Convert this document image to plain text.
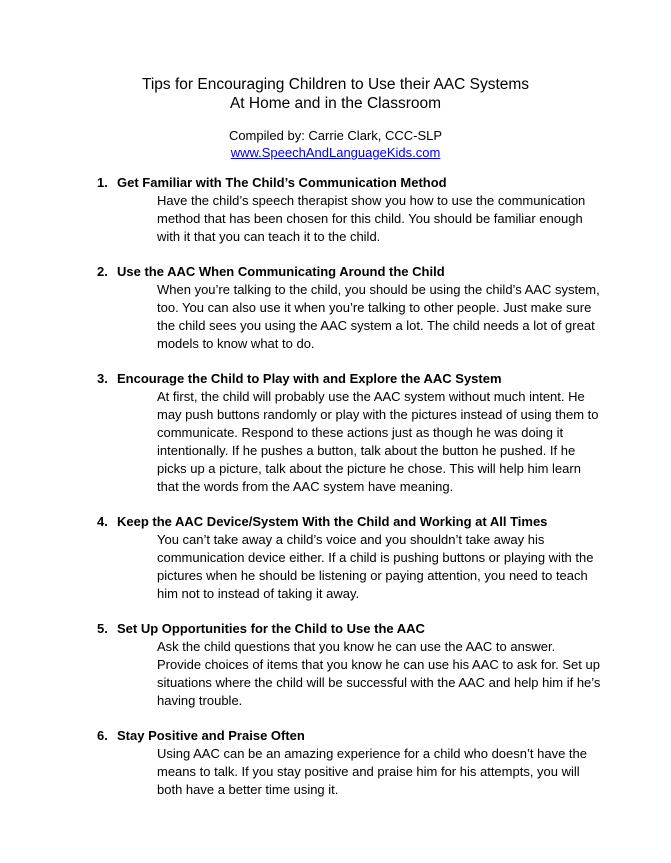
Tips for Encouraging Children to Use their AAC Systems
At Home and in the Classroom
Compiled by: Carrie Clark, CCC-SLP
www.SpeechAndLanguageKids.com
1. Get Familiar with The Child’s Communication Method
Have the child’s speech therapist show you how to use the communication method that has been chosen for this child. You should be familiar enough with it that you can teach it to the child.
2. Use the AAC When Communicating Around the Child
When you’re talking to the child, you should be using the child’s AAC system, too. You can also use it when you’re talking to other people. Just make sure the child sees you using the AAC system a lot. The child needs a lot of great models to know what to do.
3. Encourage the Child to Play with and Explore the AAC System
At first, the child will probably use the AAC system without much intent. He may push buttons randomly or play with the pictures instead of using them to communicate. Respond to these actions just as though he was doing it intentionally. If he pushes a button, talk about the button he pushed. If he picks up a picture, talk about the picture he chose. This will help him learn that the words from the AAC system have meaning.
4. Keep the AAC Device/System With the Child and Working at All Times
You can’t take away a child’s voice and you shouldn’t take away his communication device either. If a child is pushing buttons or playing with the pictures when he should be listening or paying attention, you need to teach him not to instead of taking it away.
5. Set Up Opportunities for the Child to Use the AAC
Ask the child questions that you know he can use the AAC to answer. Provide choices of items that you know he can use his AAC to ask for. Set up situations where the child will be successful with the AAC and help him if he’s having trouble.
6. Stay Positive and Praise Often
Using AAC can be an amazing experience for a child who doesn’t have the means to talk. If you stay positive and praise him for his attempts, you will both have a better time using it.
